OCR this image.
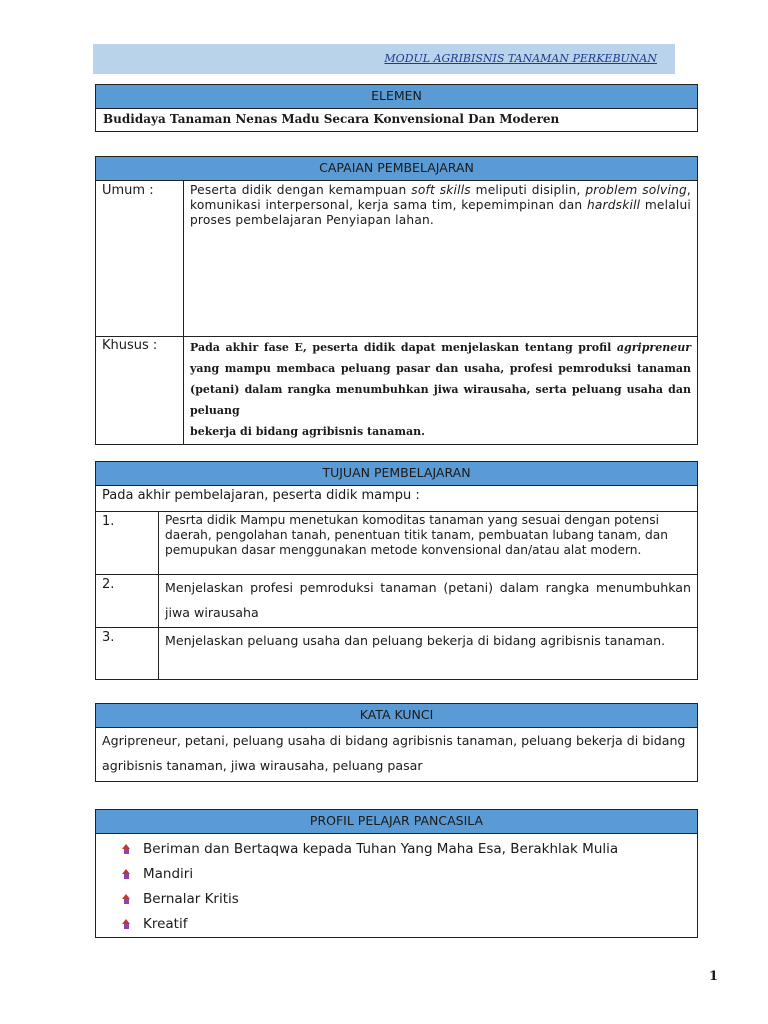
MODUL AGRIBISNIS TANAMAN PERKEBUNAN
ELEMEN
Budidaya Tanaman Nenas Madu Secara Konvensional Dan Moderen
CAPAIAN PEMBELAJARAN
Umum :	Peserta didik dengan kemampuan soft skills meliputi disiplin, problem solving, komunikasi interpersonal, kerja sama tim, kepemimpinan dan hardskill melalui proses pembelajaran Penyiapan lahan.
Khusus :	Pada akhir fase E, peserta didik dapat menjelaskan tentang profil agripreneur yang mampu membaca peluang pasar dan usaha, profesi pemroduksi tanaman (petani) dalam rangka menumbuhkan jiwa wirausaha, serta peluang usaha dan peluang
bekerja di bidang agribisnis tanaman.
TUJUAN PEMBELAJARAN
Pada akhir pembelajaran, peserta didik mampu :
1.	Pesrta didik Mampu menetukan komoditas tanaman yang sesuai dengan potensi daerah, pengolahan tanah, penentuan titik tanam, pembuatan lubang tanam, dan pemupukan dasar menggunakan metode konvensional dan/atau alat modern.
2.	Menjelaskan profesi pemroduksi tanaman (petani) dalam rangka menumbuhkan jiwa wirausaha
3.	Menjelaskan peluang usaha dan peluang bekerja di bidang agribisnis tanaman.
KATA KUNCI
Agripreneur, petani, peluang usaha di bidang agribisnis tanaman, peluang bekerja di bidang agribisnis tanaman, jiwa wirausaha, peluang pasar
PROFIL PELAJAR PANCASILA
Beriman dan Bertaqwa kepada Tuhan Yang Maha Esa, Berakhlak Mulia
Mandiri
Bernalar Kritis
Kreatif
1
